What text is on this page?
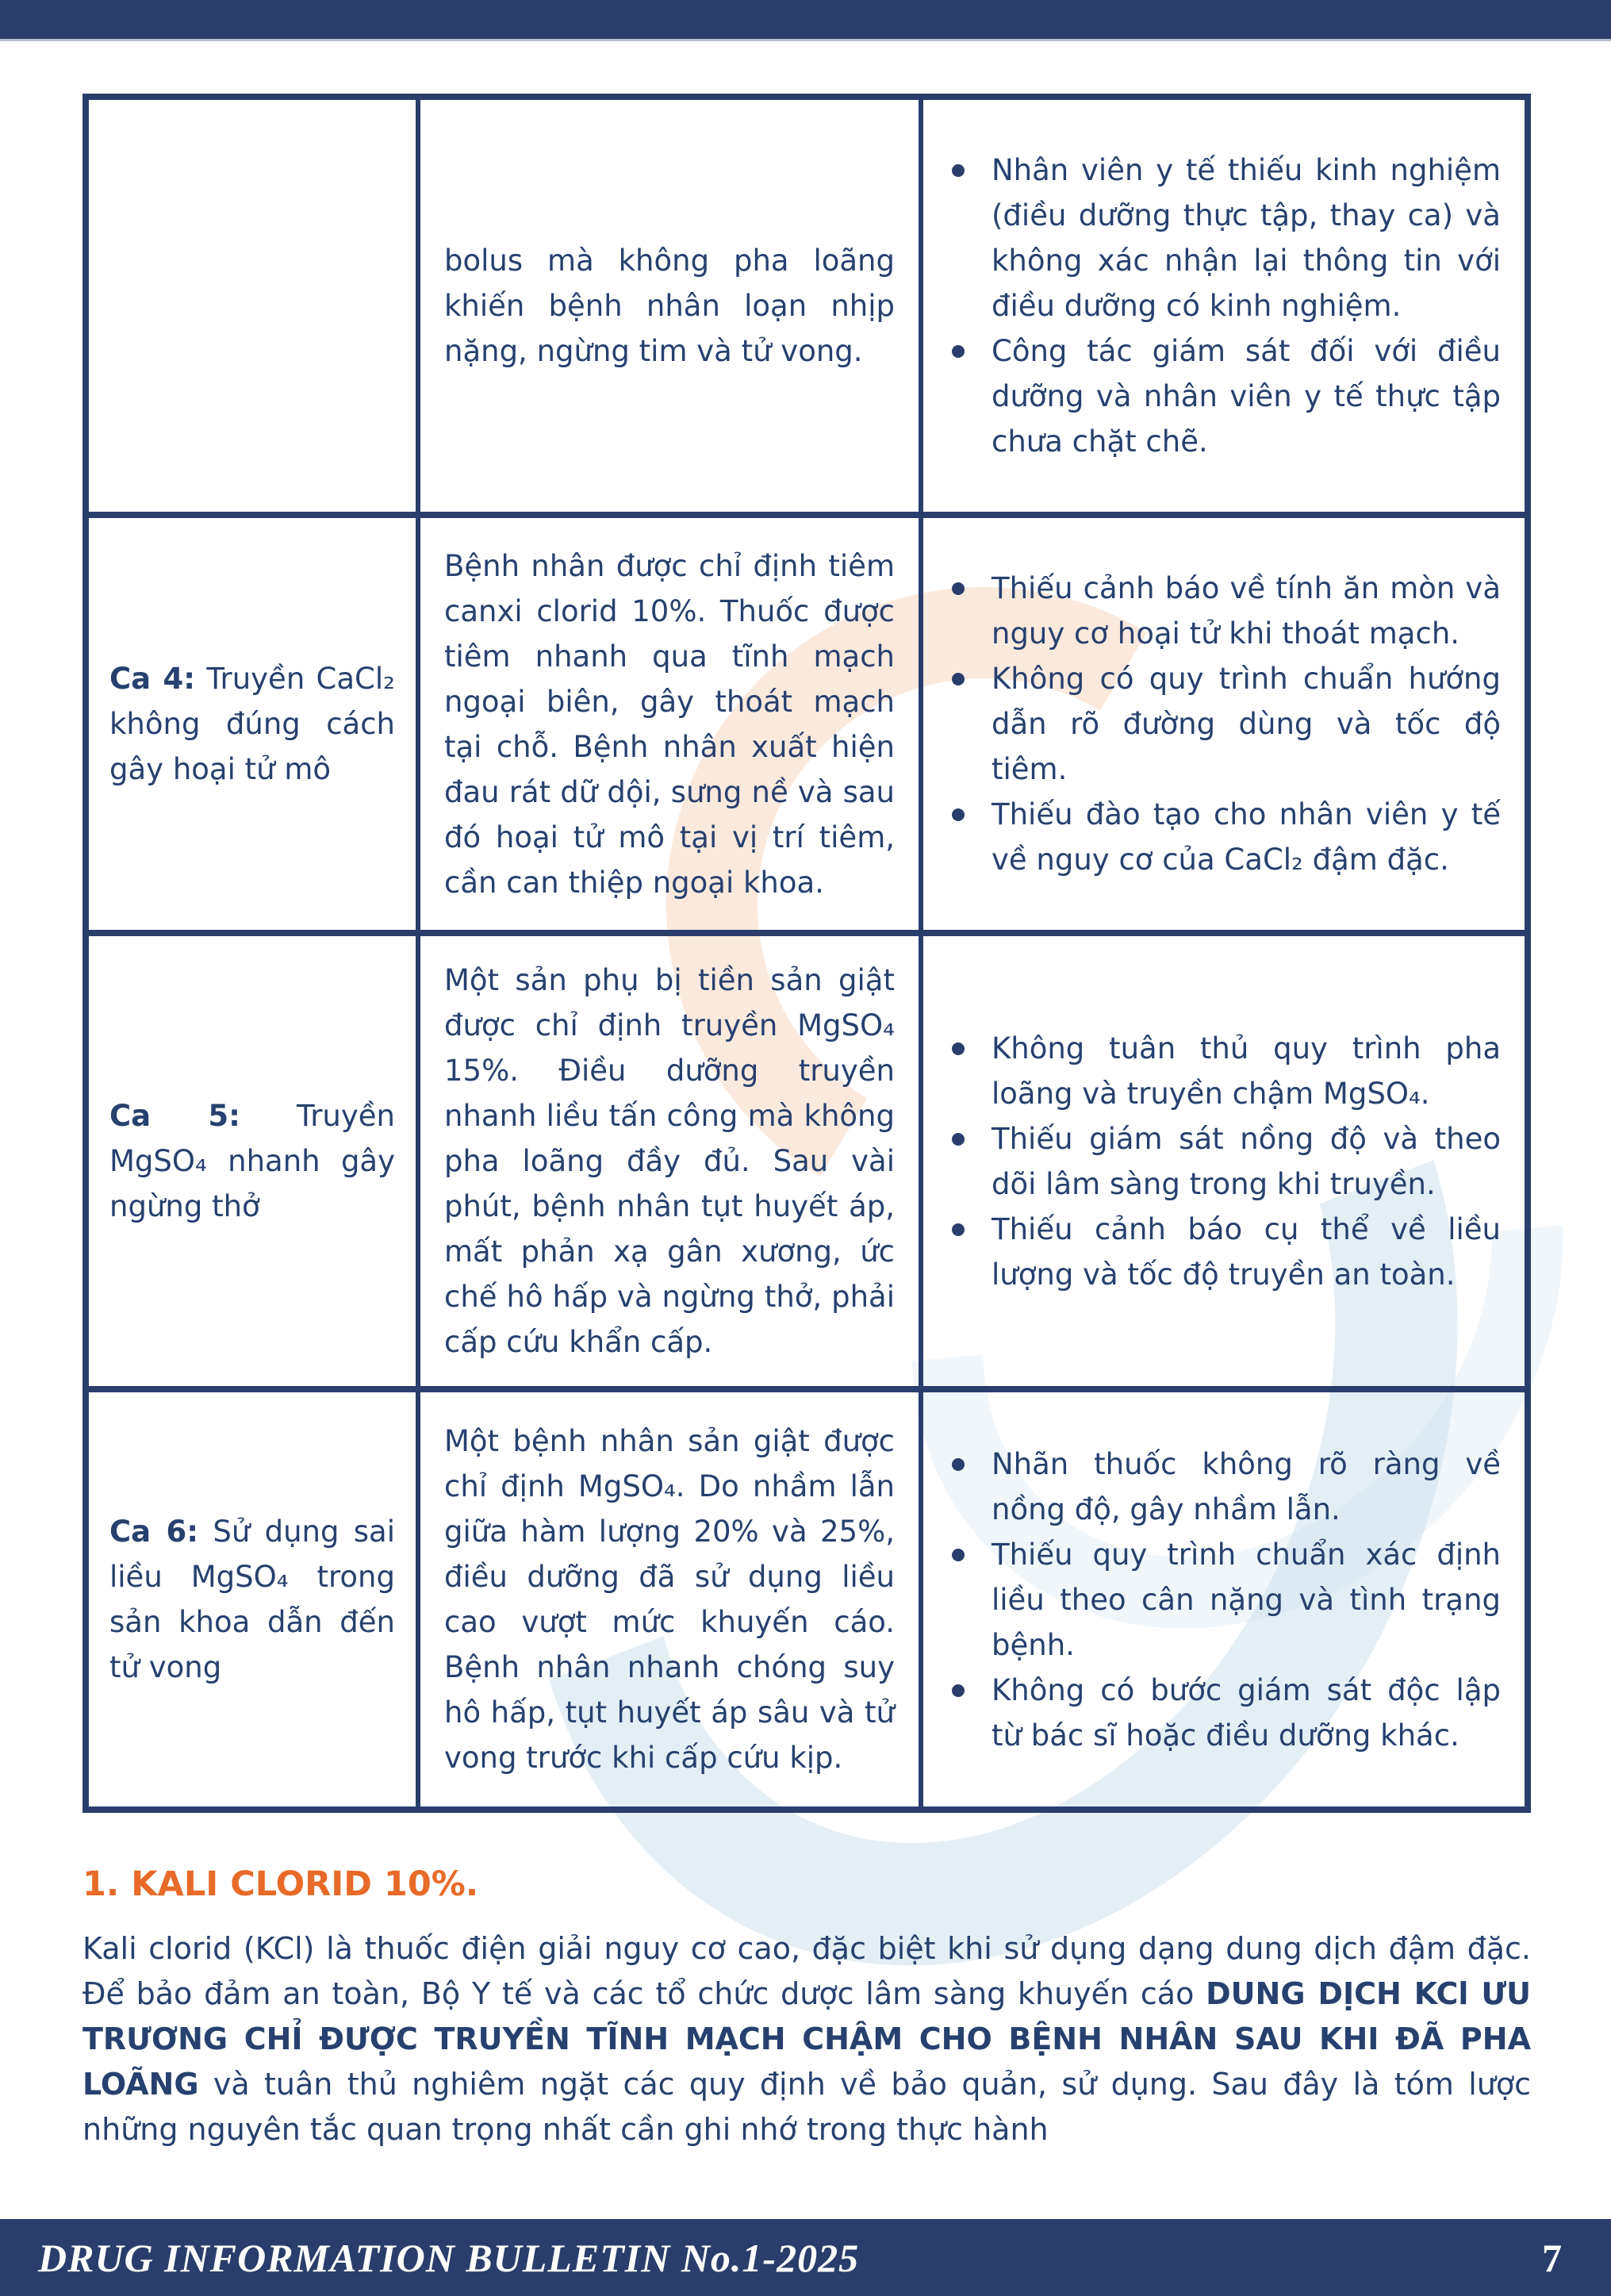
bolus mà không pha loãng khiến bệnh nhân loạn nhịp nặng, ngừng tim và tử vong.

Nhân viên y tế thiếu kinh nghiệm (điều dưỡng thực tập, thay ca) và không xác nhận lại thông tin với điều dưỡng có kinh nghiệm.
Công tác giám sát đối với điều dưỡng và nhân viên y tế thực tập chưa chặt chẽ.

Ca 4: Truyền CaCl₂ không đúng cách gây hoại tử mô

Bệnh nhân được chỉ định tiêm canxi clorid 10%. Thuốc được tiêm nhanh qua tĩnh mạch ngoại biên, gây thoát mạch tại chỗ. Bệnh nhân xuất hiện đau rát dữ dội, sưng nề và sau đó hoại tử mô tại vị trí tiêm, cần can thiệp ngoại khoa.

Thiếu cảnh báo về tính ăn mòn và nguy cơ hoại tử khi thoát mạch.
Không có quy trình chuẩn hướng dẫn rõ đường dùng và tốc độ tiêm.
Thiếu đào tạo cho nhân viên y tế về nguy cơ của CaCl₂ đậm đặc.

Ca 5: Truyền MgSO₄ nhanh gây ngừng thở

Một sản phụ bị tiền sản giật được chỉ định truyền MgSO₄ 15%. Điều dưỡng truyền nhanh liều tấn công mà không pha loãng đầy đủ. Sau vài phút, bệnh nhân tụt huyết áp, mất phản xạ gân xương, ức chế hô hấp và ngừng thở, phải cấp cứu khẩn cấp.

Không tuân thủ quy trình pha loãng và truyền chậm MgSO₄.
Thiếu giám sát nồng độ và theo dõi lâm sàng trong khi truyền.
Thiếu cảnh báo cụ thể về liều lượng và tốc độ truyền an toàn.

Ca 6: Sử dụng sai liều MgSO₄ trong sản khoa dẫn đến tử vong

Một bệnh nhân sản giật được chỉ định MgSO₄. Do nhầm lẫn giữa hàm lượng 20% và 25%, điều dưỡng đã sử dụng liều cao vượt mức khuyến cáo. Bệnh nhân nhanh chóng suy hô hấp, tụt huyết áp sâu và tử vong trước khi cấp cứu kịp.

Nhãn thuốc không rõ ràng về nồng độ, gây nhầm lẫn.
Thiếu quy trình chuẩn xác định liều theo cân nặng và tình trạng bệnh.
Không có bước giám sát độc lập từ bác sĩ hoặc điều dưỡng khác.
1. KALI CLORID 10%.

Kali clorid (KCl) là thuốc điện giải nguy cơ cao, đặc biệt khi sử dụng dạng dung dịch đậm đặc. Để bảo đảm an toàn, Bộ Y tế và các tổ chức dược lâm sàng khuyến cáo DUNG DỊCH KCl ƯU TRƯƠNG CHỈ ĐƯỢC TRUYỀN TĨNH MẠCH CHẬM CHO BỆNH NHÂN SAU KHI ĐÃ PHA LOÃNG và tuân thủ nghiêm ngặt các quy định về bảo quản, sử dụng. Sau đây là tóm lược những nguyên tắc quan trọng nhất cần ghi nhớ trong thực hành

DRUG INFORMATION BULLETIN No.1-2025	7
